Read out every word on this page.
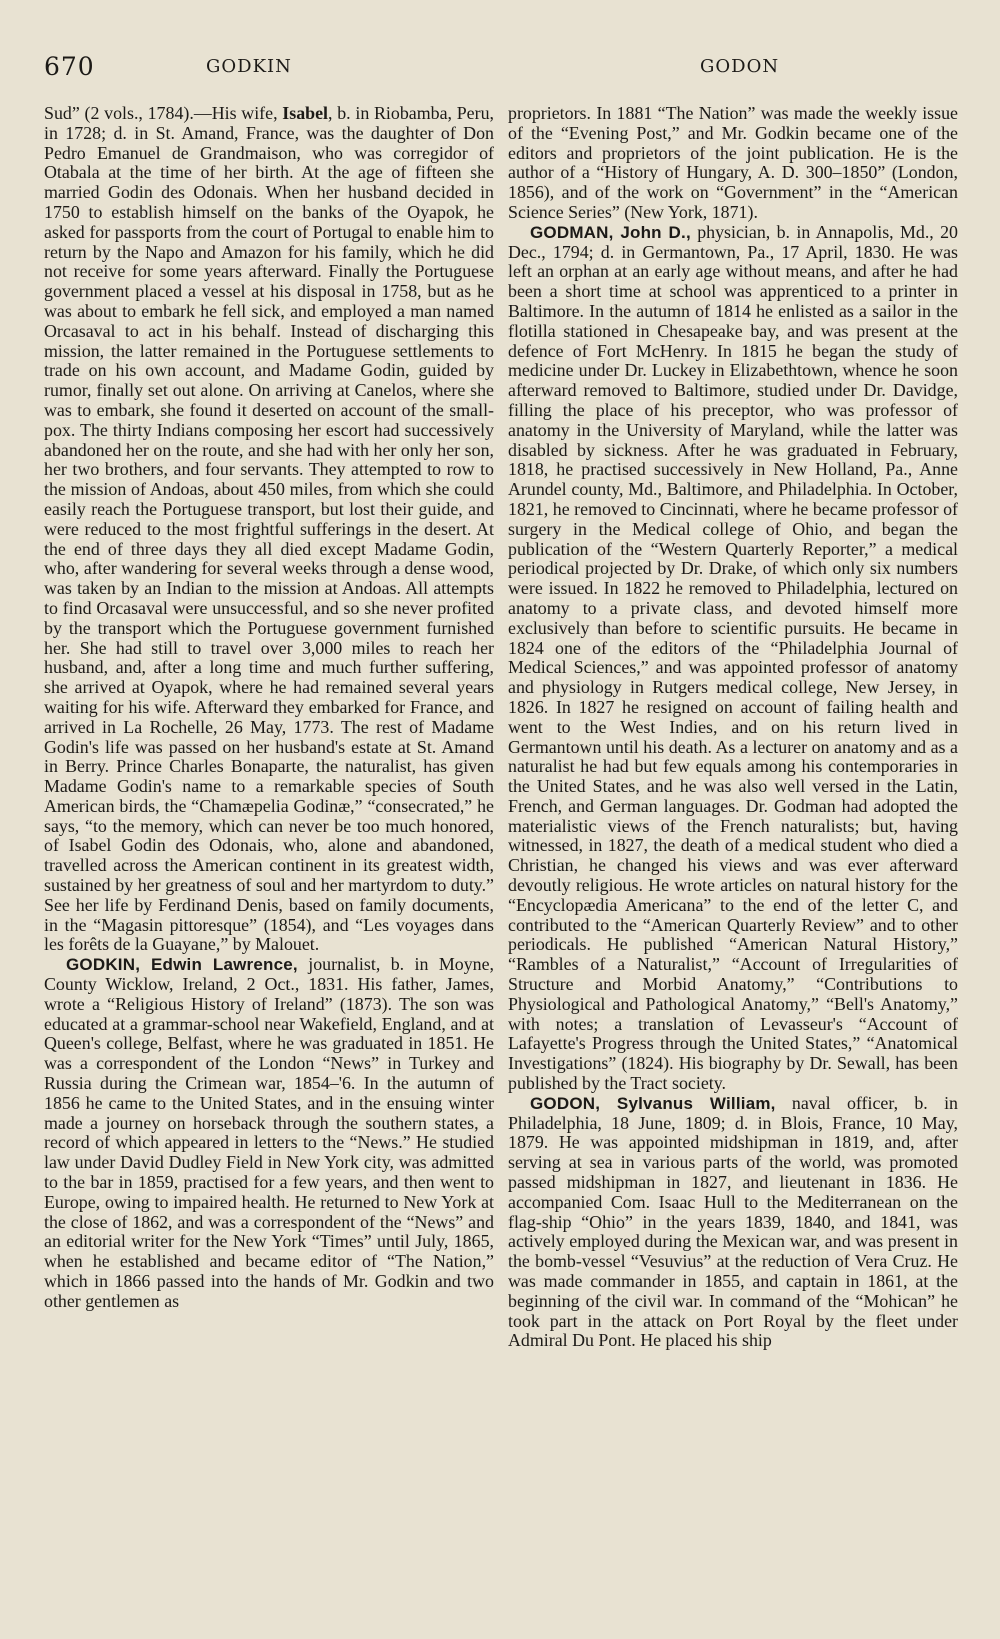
670	GODKIN	GODON

Sud” (2 vols., 1784).—His wife, Isabel, b. in Riobamba, Peru, in 1728; d. in St. Amand, France, was the daughter of Don Pedro Emanuel de Grandmaison, who was corregidor of Otabala at the time of her birth. At the age of fifteen she married Godin des Odonais. When her husband decided in 1750 to establish himself on the banks of the Oyapok, he asked for passports from the court of Portugal to enable him to return by the Napo and Amazon for his family, which he did not receive for some years afterward. Finally the Portuguese government placed a vessel at his disposal in 1758, but as he was about to embark he fell sick, and employed a man named Orcasaval to act in his behalf. Instead of discharging this mission, the latter remained in the Portuguese settlements to trade on his own account, and Madame Godin, guided by rumor, finally set out alone. On arriving at Canelos, where she was to embark, she found it deserted on account of the small-pox. The thirty Indians composing her escort had successively abandoned her on the route, and she had with her only her son, her two brothers, and four servants. They attempted to row to the mission of Andoas, about 450 miles, from which she could easily reach the Portuguese transport, but lost their guide, and were reduced to the most frightful sufferings in the desert. At the end of three days they all died except Madame Godin, who, after wandering for several weeks through a dense wood, was taken by an Indian to the mission at Andoas. All attempts to find Orcasaval were unsuccessful, and so she never profited by the transport which the Portuguese government furnished her. She had still to travel over 3,000 miles to reach her husband, and, after a long time and much further suffering, she arrived at Oyapok, where he had remained several years waiting for his wife. Afterward they embarked for France, and arrived in La Rochelle, 26 May, 1773. The rest of Madame Godin's life was passed on her husband's estate at St. Amand in Berry. Prince Charles Bonaparte, the naturalist, has given Madame Godin's name to a remarkable species of South American birds, the “Chamæpelia Godinæ,” “consecrated,” he says, “to the memory, which can never be too much honored, of Isabel Godin des Odonais, who, alone and abandoned, travelled across the American continent in its greatest width, sustained by her greatness of soul and her martyrdom to duty.” See her life by Ferdinand Denis, based on family documents, in the “Magasin pittoresque” (1854), and “Les voyages dans les forêts de la Guayane,” by Malouet.

GODKIN, Edwin Lawrence, journalist, b. in Moyne, County Wicklow, Ireland, 2 Oct., 1831. His father, James, wrote a “Religious History of Ireland” (1873). The son was educated at a grammar-school near Wakefield, England, and at Queen's college, Belfast, where he was graduated in 1851. He was a correspondent of the London “News” in Turkey and Russia during the Crimean war, 1854–'6. In the autumn of 1856 he came to the United States, and in the ensuing winter made a journey on horseback through the southern states, a record of which appeared in letters to the “News.” He studied law under David Dudley Field in New York city, was admitted to the bar in 1859, practised for a few years, and then went to Europe, owing to impaired health. He returned to New York at the close of 1862, and was a correspondent of the “News” and an editorial writer for the New York “Times” until July, 1865, when he established and became editor of “The Nation,” which in 1866 passed into the hands of Mr. Godkin and two other gentlemen as

proprietors. In 1881 “The Nation” was made the weekly issue of the “Evening Post,” and Mr. Godkin became one of the editors and proprietors of the joint publication. He is the author of a “History of Hungary, A. D. 300–1850” (London, 1856), and of the work on “Government” in the “American Science Series” (New York, 1871).

GODMAN, John D., physician, b. in Annapolis, Md., 20 Dec., 1794; d. in Germantown, Pa., 17 April, 1830. He was left an orphan at an early age without means, and after he had been a short time at school was apprenticed to a printer in Baltimore. In the autumn of 1814 he enlisted as a sailor in the flotilla stationed in Chesapeake bay, and was present at the defence of Fort McHenry. In 1815 he began the study of medicine under Dr. Luckey in Elizabethtown, whence he soon afterward removed to Baltimore, studied under Dr. Davidge, filling the place of his preceptor, who was professor of anatomy in the University of Maryland, while the latter was disabled by sickness. After he was graduated in February, 1818, he practised successively in New Holland, Pa., Anne Arundel county, Md., Baltimore, and Philadelphia. In October, 1821, he removed to Cincinnati, where he became professor of surgery in the Medical college of Ohio, and began the publication of the “Western Quarterly Reporter,” a medical periodical projected by Dr. Drake, of which only six numbers were issued. In 1822 he removed to Philadelphia, lectured on anatomy to a private class, and devoted himself more exclusively than before to scientific pursuits. He became in 1824 one of the editors of the “Philadelphia Journal of Medical Sciences,” and was appointed professor of anatomy and physiology in Rutgers medical college, New Jersey, in 1826. In 1827 he resigned on account of failing health and went to the West Indies, and on his return lived in Germantown until his death. As a lecturer on anatomy and as a naturalist he had but few equals among his contemporaries in the United States, and he was also well versed in the Latin, French, and German languages. Dr. Godman had adopted the materialistic views of the French naturalists; but, having witnessed, in 1827, the death of a medical student who died a Christian, he changed his views and was ever afterward devoutly religious. He wrote articles on natural history for the “Encyclopædia Americana” to the end of the letter C, and contributed to the “American Quarterly Review” and to other periodicals. He published “American Natural History,” “Rambles of a Naturalist,” “Account of Irregularities of Structure and Morbid Anatomy,” “Contributions to Physiological and Pathological Anatomy,” “Bell's Anatomy,” with notes; a translation of Levasseur's “Account of Lafayette's Progress through the United States,” “Anatomical Investigations” (1824). His biography by Dr. Sewall, has been published by the Tract society.

GODON, Sylvanus William, naval officer, b. in Philadelphia, 18 June, 1809; d. in Blois, France, 10 May, 1879. He was appointed midshipman in 1819, and, after serving at sea in various parts of the world, was promoted passed midshipman in 1827, and lieutenant in 1836. He accompanied Com. Isaac Hull to the Mediterranean on the flag-ship “Ohio” in the years 1839, 1840, and 1841, was actively employed during the Mexican war, and was present in the bomb-vessel “Vesuvius” at the reduction of Vera Cruz. He was made commander in 1855, and captain in 1861, at the beginning of the civil war. In command of the “Mohican” he took part in the attack on Port Royal by the fleet under Admiral Du Pont. He placed his ship
